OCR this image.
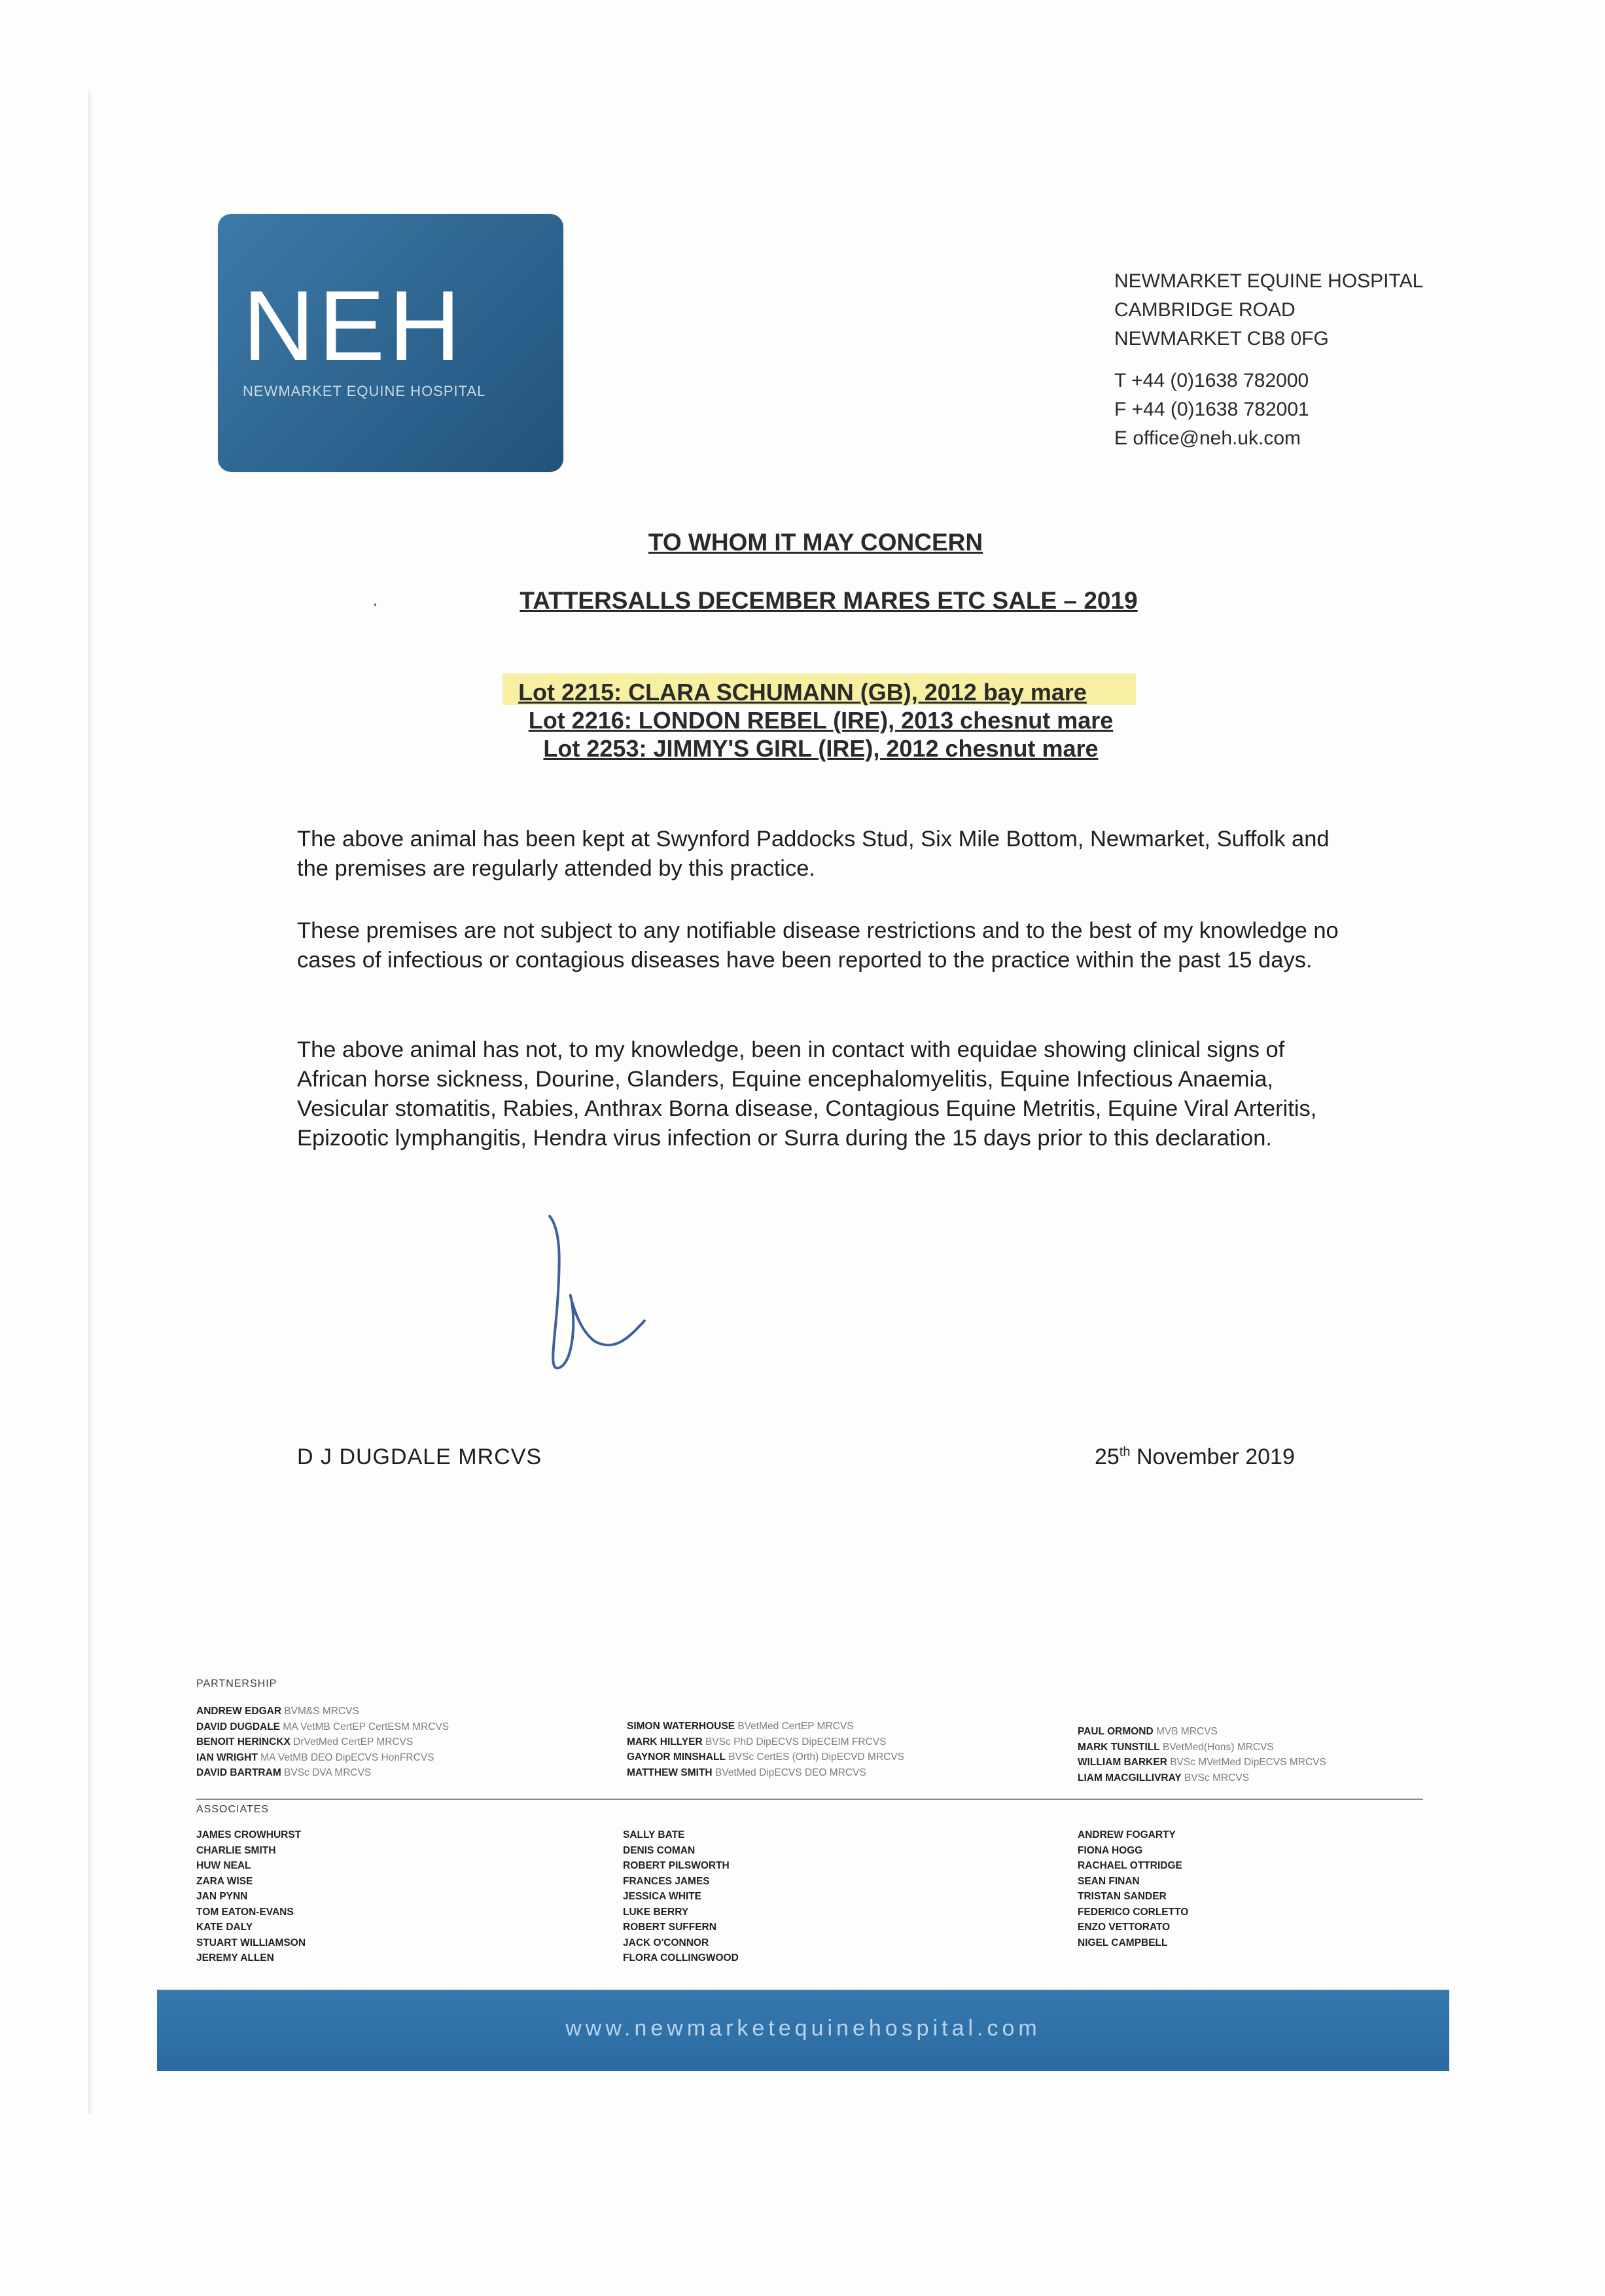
NEH
NEWMARKET EQUINE HOSPITAL
NEWMARKET EQUINE HOSPITAL
CAMBRIDGE ROAD
NEWMARKET CB8 0FG
T +44 (0)1638 782000
F +44 (0)1638 782001
E office@neh.uk.com
TO WHOM IT MAY CONCERN
TATTERSALLS DECEMBER MARES ETC SALE – 2019
Lot 2215: CLARA SCHUMANN (GB), 2012 bay mare
Lot 2216: LONDON REBEL (IRE), 2013 chesnut mare
Lot 2253: JIMMY'S GIRL (IRE), 2012 chesnut mare
The above animal has been kept at Swynford Paddocks Stud, Six Mile Bottom, Newmarket, Suffolk and the premises are regularly attended by this practice.
These premises are not subject to any notifiable disease restrictions and to the best of my knowledge no cases of infectious or contagious diseases have been reported to the practice within the past 15 days.
The above animal has not, to my knowledge, been in contact with equidae showing clinical signs of African horse sickness, Dourine, Glanders, Equine encephalomyelitis, Equine Infectious Anaemia, Vesicular stomatitis, Rabies, Anthrax Borna disease, Contagious Equine Metritis, Equine Viral Arteritis, Epizootic lymphangitis, Hendra virus infection or Surra during the 15 days prior to this declaration.
D J DUGDALE MRCVS	25th November 2019
PARTNERSHIP
ANDREW EDGAR BVM&S MRCVS
DAVID DUGDALE MA VetMB CertEP CertESM MRCVS
BENOIT HERINCKX DrVetMed CertEP MRCVS
IAN WRIGHT MA VetMB DEO DipECVS HonFRCVS
DAVID BARTRAM BVSc DVA MRCVS
SIMON WATERHOUSE BVetMed CertEP MRCVS
MARK HILLYER BVSc PhD DipECVS DipECEIM FRCVS
GAYNOR MINSHALL BVSc CertES (Orth) DipECVD MRCVS
MATTHEW SMITH BVetMed DipECVS DEO MRCVS
PAUL ORMOND MVB MRCVS
MARK TUNSTILL BVetMed(Hons) MRCVS
WILLIAM BARKER BVSc MVetMed DipECVS MRCVS
LIAM MACGILLIVRAY BVSc MRCVS
ASSOCIATES
JAMES CROWHURST
CHARLIE SMITH
HUW NEAL
ZARA WISE
JAN PYNN
TOM EATON-EVANS
KATE DALY
STUART WILLIAMSON
JEREMY ALLEN
SALLY BATE
DENIS COMAN
ROBERT PILSWORTH
FRANCES JAMES
JESSICA WHITE
LUKE BERRY
ROBERT SUFFERN
JACK O'CONNOR
FLORA COLLINGWOOD
ANDREW FOGARTY
FIONA HOGG
RACHAEL OTTRIDGE
SEAN FINAN
TRISTAN SANDER
FEDERICO CORLETTO
ENZO VETTORATO
NIGEL CAMPBELL
www.newmarketequinehospital.com
